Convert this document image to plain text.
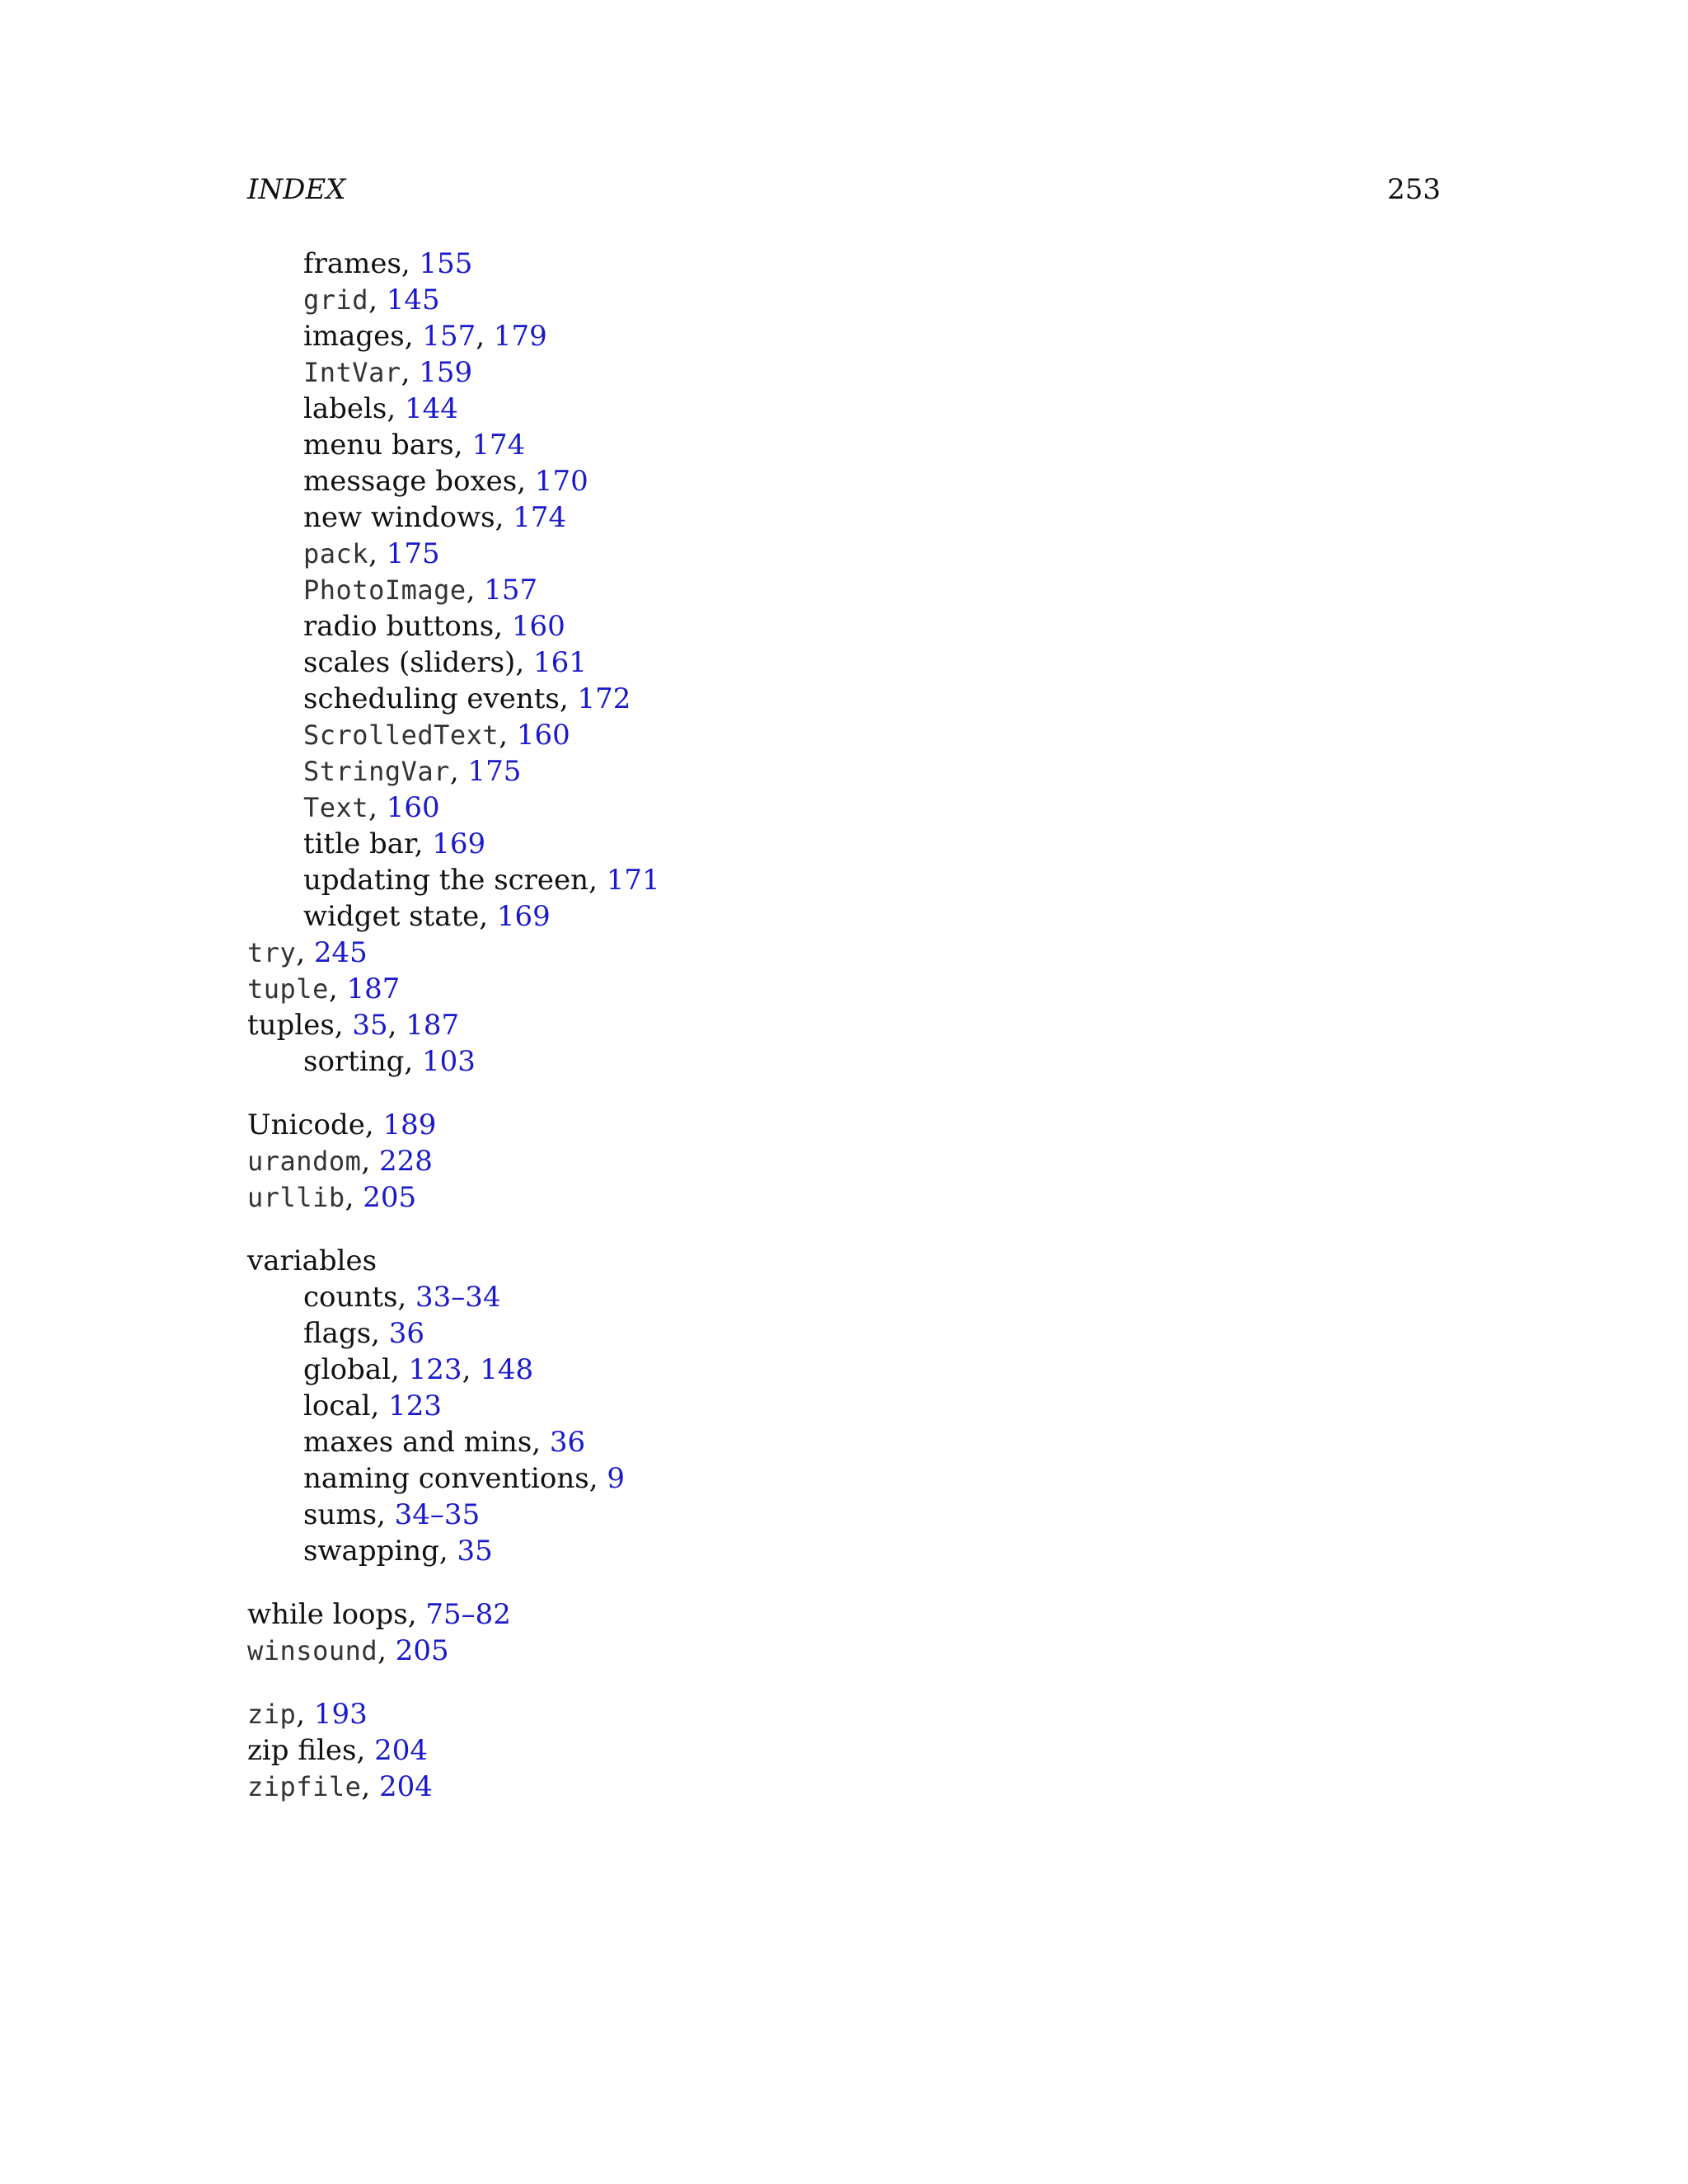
INDEX	253
frames, 155
grid, 145
images, 157, 179
IntVar, 159
labels, 144
menu bars, 174
message boxes, 170
new windows, 174
pack, 175
PhotoImage, 157
radio buttons, 160
scales (sliders), 161
scheduling events, 172
ScrolledText, 160
StringVar, 175
Text, 160
title bar, 169
updating the screen, 171
widget state, 169
try, 245
tuple, 187
tuples, 35, 187
sorting, 103
Unicode, 189
urandom, 228
urllib, 205
variables
counts, 33–34
flags, 36
global, 123, 148
local, 123
maxes and mins, 36
naming conventions, 9
sums, 34–35
swapping, 35
while loops, 75–82
winsound, 205
zip, 193
zip files, 204
zipfile, 204
